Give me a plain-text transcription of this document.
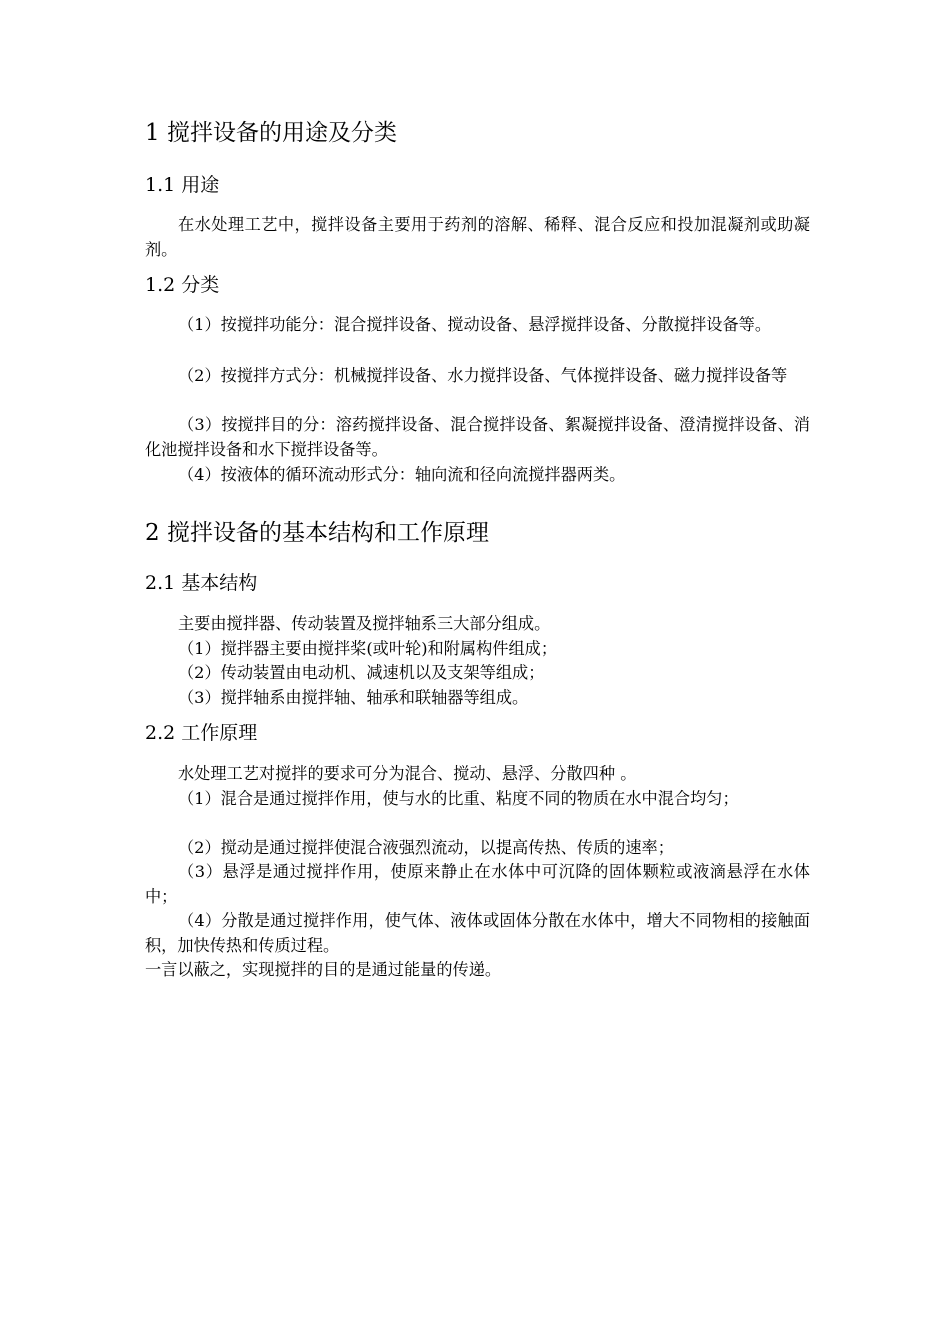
1 搅拌设备的用途及分类
1.1 用途

在水处理工艺中，搅拌设备主要用于药剂的溶解、稀释、混合反应和投加混凝剂或助凝剂。

1.2 分类

（1）按搅拌功能分：混合搅拌设备、搅动设备、悬浮搅拌设备、分散搅拌设备等。

（2）按搅拌方式分：机械搅拌设备、水力搅拌设备、气体搅拌设备、磁力搅拌设备等

（3）按搅拌目的分：溶药搅拌设备、混合搅拌设备、絮凝搅拌设备、澄清搅拌设备、消化池搅拌设备和水下搅拌设备等。

（4）按液体的循环流动形式分：轴向流和径向流搅拌器两类。

2 搅拌设备的基本结构和工作原理
2.1 基本结构

主要由搅拌器、传动装置及搅拌轴系三大部分组成。

（1）搅拌器主要由搅拌桨(或叶轮)和附属构件组成；

（2）传动装置由电动机、减速机以及支架等组成；

（3）搅拌轴系由搅拌轴、轴承和联轴器等组成。

2.2 工作原理

水处理工艺对搅拌的要求可分为混合、搅动、悬浮、分散四种 。

（1）混合是通过搅拌作用，使与水的比重、粘度不同的物质在水中混合均匀；

（2）搅动是通过搅拌使混合液强烈流动，以提高传热、传质的速率；

（3）悬浮是通过搅拌作用，使原来静止在水体中可沉降的固体颗粒或液滴悬浮在水体中；

（4）分散是通过搅拌作用，使气体、液体或固体分散在水体中，增大不同物相的接触面积，加快传热和传质过程。

一言以蔽之，实现搅拌的目的是通过能量的传递。
